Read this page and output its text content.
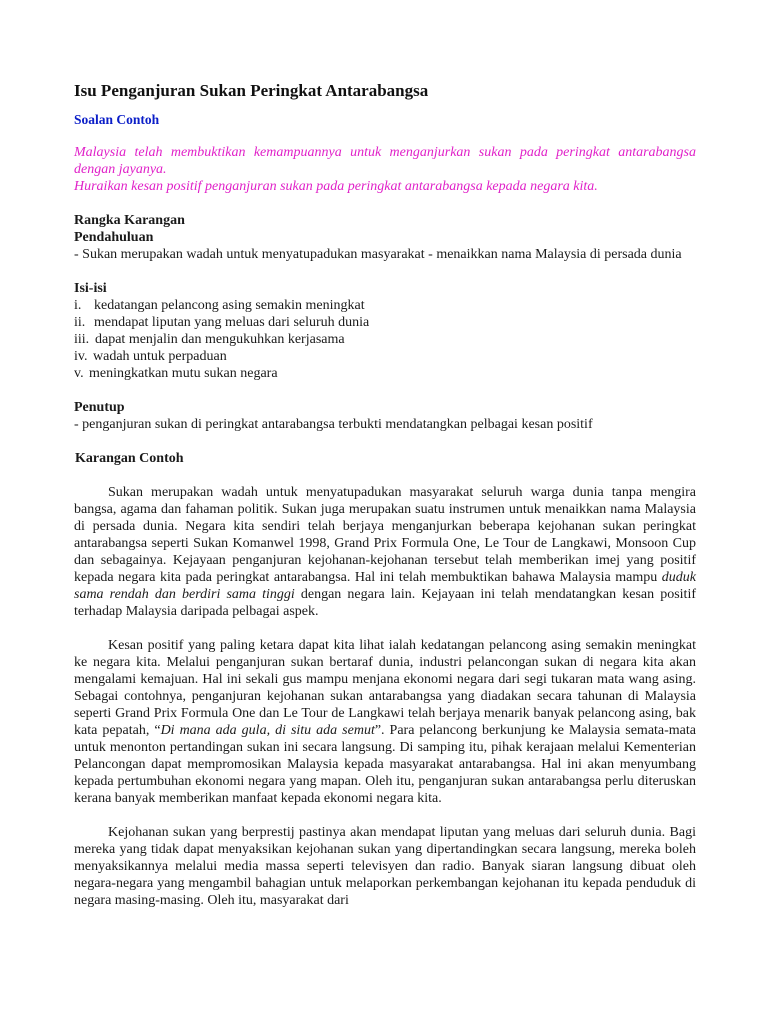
Isu Penganjuran Sukan Peringkat Antarabangsa

Soalan Contoh

Malaysia telah membuktikan kemampuannya untuk menganjurkan sukan pada peringkat antarabangsa dengan jayanya.

Huraikan kesan positif penganjuran sukan pada peringkat antarabangsa kepada negara kita.

Rangka Karangan

Pendahuluan

- Sukan merupakan wadah untuk menyatupadukan masyarakat - menaikkan nama Malaysia di persada dunia

Isi-isi

i. kedatangan pelancong asing semakin meningkat
ii. mendapat liputan yang meluas dari seluruh dunia
iii. dapat menjalin dan mengukuhkan kerjasama
iv. wadah untuk perpaduan
v. meningkatkan mutu sukan negara

Penutup

- penganjuran sukan di peringkat antarabangsa terbukti mendatangkan pelbagai kesan positif

Karangan Contoh

Sukan merupakan wadah untuk menyatupadukan masyarakat seluruh warga dunia tanpa mengira bangsa, agama dan fahaman politik. Sukan juga merupakan suatu instrumen untuk menaikkan nama Malaysia di persada dunia. Negara kita sendiri telah berjaya menganjurkan beberapa kejohanan sukan peringkat antarabangsa seperti Sukan Komanwel 1998, Grand Prix Formula One, Le Tour de Langkawi, Monsoon Cup dan sebagainya. Kejayaan penganjuran kejohanan-kejohanan tersebut telah memberikan imej yang positif kepada negara kita pada peringkat antarabangsa. Hal ini telah membuktikan bahawa Malaysia mampu duduk sama rendah dan berdiri sama tinggi dengan negara lain. Kejayaan ini telah mendatangkan kesan positif terhadap Malaysia daripada pelbagai aspek.

Kesan positif yang paling ketara dapat kita lihat ialah kedatangan pelancong asing semakin meningkat ke negara kita. Melalui penganjuran sukan bertaraf dunia, industri pelancongan sukan di negara kita akan mengalami kemajuan. Hal ini sekali gus mampu menjana ekonomi negara dari segi tukaran mata wang asing. Sebagai contohnya, penganjuran kejohanan sukan antarabangsa yang diadakan secara tahunan di Malaysia seperti Grand Prix Formula One dan Le Tour de Langkawi telah berjaya menarik banyak pelancong asing, bak kata pepatah, “Di mana ada gula, di situ ada semut”. Para pelancong berkunjung ke Malaysia semata-mata untuk menonton pertandingan sukan ini secara langsung. Di samping itu, pihak kerajaan melalui Kementerian Pelancongan dapat mempromosikan Malaysia kepada masyarakat antarabangsa. Hal ini akan menyumbang kepada pertumbuhan ekonomi negara yang mapan. Oleh itu, penganjuran sukan antarabangsa perlu diteruskan kerana banyak memberikan manfaat kepada ekonomi negara kita.

Kejohanan sukan yang berprestij pastinya akan mendapat liputan yang meluas dari seluruh dunia. Bagi mereka yang tidak dapat menyaksikan kejohanan sukan yang dipertandingkan secara langsung, mereka boleh menyaksikannya melalui media massa seperti televisyen dan radio. Banyak siaran langsung dibuat oleh negara-negara yang mengambil bahagian untuk melaporkan perkembangan kejohanan itu kepada penduduk di negara masing-masing. Oleh itu, masyarakat dari
